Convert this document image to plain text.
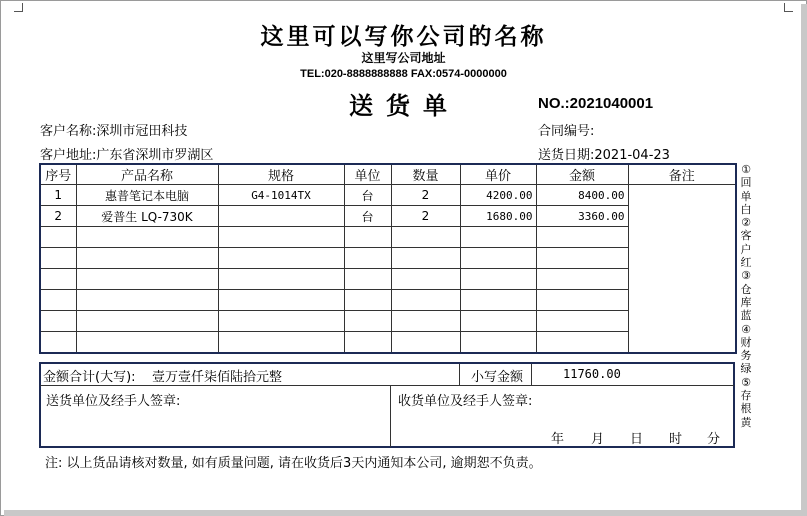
这里可以写你公司的名称
这里写公司地址
TEL:020-8888888888 FAX:0574-0000000
送货单	NO.:2021040001
客户名称:深圳市冠田科技	合同编号:
客户地址:广东省深圳市罗湖区	送货日期:2021-04-23
序号	产品名称	规格	单位	数量	单价	金额	备注
1	惠普笔记本电脑	G4-1014TX	台	2	4200.00	8400.00	
2	爱普生 LQ-730K		台	2	1680.00	3360.00	

金额合计(大写): 壹万壹仟柒佰陆拾元整	小写金额	11760.00
送货单位及经手人签章:	收货单位及经手人签章:
年 月 日 时 分
①
回
单
白
②
客
户
红
③
仓
库
蓝
④
财
务
绿
⑤
存
根
黄
注: 以上货品请核对数量, 如有质量问题, 请在收货后3天内通知本公司, 逾期恕不负责。
